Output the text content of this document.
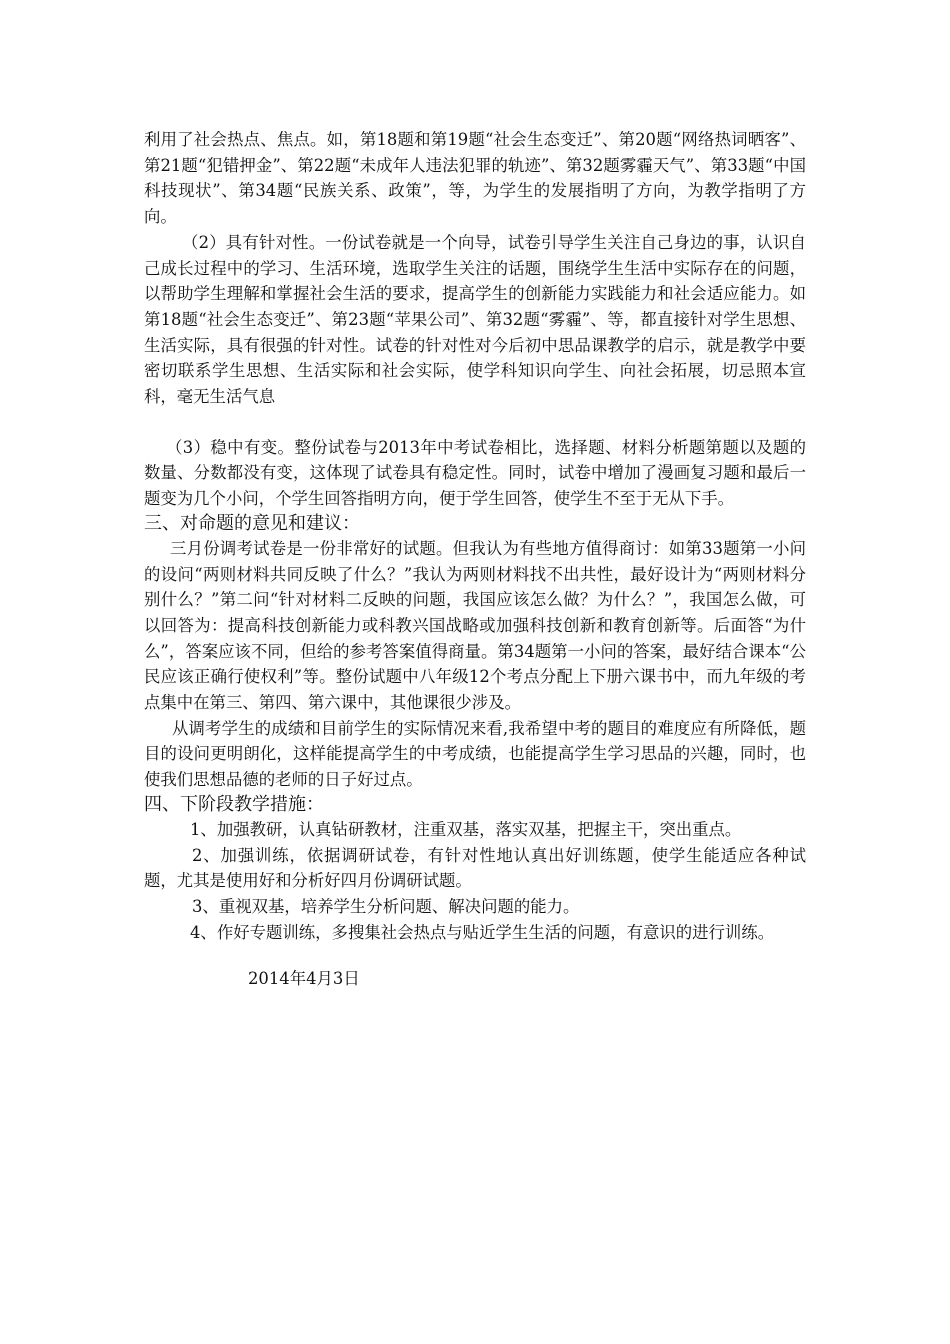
利用了社会热点、焦点。如，第18题和第19题“社会生态变迁”、第20题“网络热词晒客”、第21题“犯错押金”、第22题“未成年人违法犯罪的轨迹”、第32题雾霾天气”、第33题“中国科技现状”、第34题“民族关系、政策”，等，为学生的发展指明了方向，为教学指明了方向。

（2）具有针对性。一份试卷就是一个向导，试卷引导学生关注自己身边的事，认识自己成长过程中的学习、生活环境，选取学生关注的话题，围绕学生生活中实际存在的问题，以帮助学生理解和掌握社会生活的要求，提高学生的创新能力实践能力和社会适应能力。如第18题“社会生态变迁”、第23题“苹果公司”、第32题“雾霾”、等，都直接针对学生思想、生活实际，具有很强的针对性。试卷的针对性对今后初中思品课教学的启示，就是教学中要密切联系学生思想、生活实际和社会实际，使学科知识向学生、向社会拓展，切忌照本宣科，毫无生活气息

（3）稳中有变。整份试卷与2013年中考试卷相比，选择题、材料分析题第题以及题的数量、分数都没有变，这体现了试卷具有稳定性。同时，试卷中增加了漫画复习题和最后一题变为几个小问，个学生回答指明方向，便于学生回答，使学生不至于无从下手。

三、对命题的意见和建议：

三月份调考试卷是一份非常好的试题。但我认为有些地方值得商讨：如第33题第一小问的设问“两则材料共同反映了什么？”我认为两则材料找不出共性，最好设计为“两则材料分别什么？”第二问“针对材料二反映的问题，我国应该怎么做？为什么？”，我国怎么做，可以回答为：提高科技创新能力或科教兴国战略或加强科技创新和教育创新等。后面答“为什么”，答案应该不同，但给的参考答案值得商量。第34题第一小问的答案，最好结合课本“公民应该正确行使权利”等。整份试题中八年级12个考点分配上下册六课书中，而九年级的考点集中在第三、第四、第六课中，其他课很少涉及。

从调考学生的成绩和目前学生的实际情况来看,我希望中考的题目的难度应有所降低，题目的设问更明朗化，这样能提高学生的中考成绩，也能提高学生学习思品的兴趣，同时，也使我们思想品德的老师的日子好过点。

四、下阶段教学措施：

1、加强教研，认真钻研教材，注重双基，落实双基，把握主干，突出重点。

2、加强训练，依据调研试卷，有针对性地认真出好训练题，使学生能适应各种试题，尤其是使用好和分析好四月份调研试题。

3、重视双基，培养学生分析问题、解决问题的能力。

4、作好专题训练，多搜集社会热点与贴近学生生活的问题，有意识的进行训练。

2014年4月3日
